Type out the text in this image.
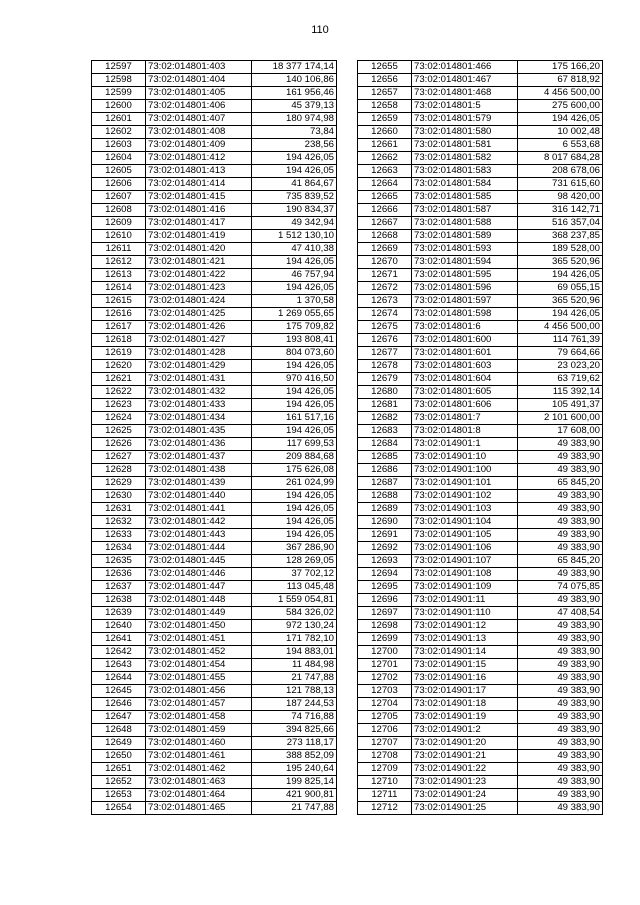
110
12597	73:02:014801:403	18 377 174,14
12598	73:02:014801:404	140 106,86
12599	73:02:014801:405	161 956,46
12600	73:02:014801:406	45 379,13
12601	73:02:014801:407	180 974,98
12602	73:02:014801:408	73,84
12603	73:02:014801:409	238,56
12604	73:02:014801:412	194 426,05
12605	73:02:014801:413	194 426,05
12606	73:02:014801:414	41 864,67
12607	73:02:014801:415	735 839,52
12608	73:02:014801:416	190 834,37
12609	73:02:014801:417	49 342,94
12610	73:02:014801:419	1 512 130,10
12611	73:02:014801:420	47 410,38
12612	73:02:014801:421	194 426,05
12613	73:02:014801:422	46 757,94
12614	73:02:014801:423	194 426,05
12615	73:02:014801:424	1 370,58
12616	73:02:014801:425	1 269 055,65
12617	73:02:014801:426	175 709,82
12618	73:02:014801:427	193 808,41
12619	73:02:014801:428	804 073,60
12620	73:02:014801:429	194 426,05
12621	73:02:014801:431	970 416,50
12622	73:02:014801:432	194 426,05
12623	73:02:014801:433	194 426,05
12624	73:02:014801:434	161 517,16
12625	73:02:014801:435	194 426,05
12626	73:02:014801:436	117 699,53
12627	73:02:014801:437	209 884,68
12628	73:02:014801:438	175 626,08
12629	73:02:014801:439	261 024,99
12630	73:02:014801:440	194 426,05
12631	73:02:014801:441	194 426,05
12632	73:02:014801:442	194 426,05
12633	73:02:014801:443	194 426,05
12634	73:02:014801:444	367 286,90
12635	73:02:014801:445	128 269,05
12636	73:02:014801:446	37 702,12
12637	73:02:014801:447	113 045,48
12638	73:02:014801:448	1 559 054,81
12639	73:02:014801:449	584 326,02
12640	73:02:014801:450	972 130,24
12641	73:02:014801:451	171 782,10
12642	73:02:014801:452	194 883,01
12643	73:02:014801:454	11 484,98
12644	73:02:014801:455	21 747,88
12645	73:02:014801:456	121 788,13
12646	73:02:014801:457	187 244,53
12647	73:02:014801:458	74 716,88
12648	73:02:014801:459	394 825,66
12649	73:02:014801:460	273 118,17
12650	73:02:014801:461	388 852,09
12651	73:02:014801:462	195 240,64
12652	73:02:014801:463	199 825,14
12653	73:02:014801:464	421 900,81
12654	73:02:014801:465	21 747,88
12655	73:02:014801:466	175 166,20
12656	73:02:014801:467	67 818,92
12657	73:02:014801:468	4 456 500,00
12658	73:02:014801:5	275 600,00
12659	73:02:014801:579	194 426,05
12660	73:02:014801:580	10 002,48
12661	73:02:014801:581	6 553,68
12662	73:02:014801:582	8 017 684,28
12663	73:02:014801:583	208 678,06
12664	73:02:014801:584	731 615,60
12665	73:02:014801:585	98 420,00
12666	73:02:014801:587	316 142,71
12667	73:02:014801:588	516 357,04
12668	73:02:014801:589	368 237,85
12669	73:02:014801:593	189 528,00
12670	73:02:014801:594	365 520,96
12671	73:02:014801:595	194 426,05
12672	73:02:014801:596	69 055,15
12673	73:02:014801:597	365 520,96
12674	73:02:014801:598	194 426,05
12675	73:02:014801:6	4 456 500,00
12676	73:02:014801:600	114 761,39
12677	73:02:014801:601	79 664,66
12678	73:02:014801:603	23 023,20
12679	73:02:014801:604	63 719,62
12680	73:02:014801:605	115 392,14
12681	73:02:014801:606	105 491,37
12682	73:02:014801:7	2 101 600,00
12683	73:02:014801:8	17 608,00
12684	73:02:014901:1	49 383,90
12685	73:02:014901:10	49 383,90
12686	73:02:014901:100	49 383,90
12687	73:02:014901:101	65 845,20
12688	73:02:014901:102	49 383,90
12689	73:02:014901:103	49 383,90
12690	73:02:014901:104	49 383,90
12691	73:02:014901:105	49 383,90
12692	73:02:014901:106	49 383,90
12693	73:02:014901:107	65 845,20
12694	73:02:014901:108	49 383,90
12695	73:02:014901:109	74 075,85
12696	73:02:014901:11	49 383,90
12697	73:02:014901:110	47 408,54
12698	73:02:014901:12	49 383,90
12699	73:02:014901:13	49 383,90
12700	73:02:014901:14	49 383,90
12701	73:02:014901:15	49 383,90
12702	73:02:014901:16	49 383,90
12703	73:02:014901:17	49 383,90
12704	73:02:014901:18	49 383,90
12705	73:02:014901:19	49 383,90
12706	73:02:014901:2	49 383,90
12707	73:02:014901:20	49 383,90
12708	73:02:014901:21	49 383,90
12709	73:02:014901:22	49 383,90
12710	73:02:014901:23	49 383,90
12711	73:02:014901:24	49 383,90
12712	73:02:014901:25	49 383,90
